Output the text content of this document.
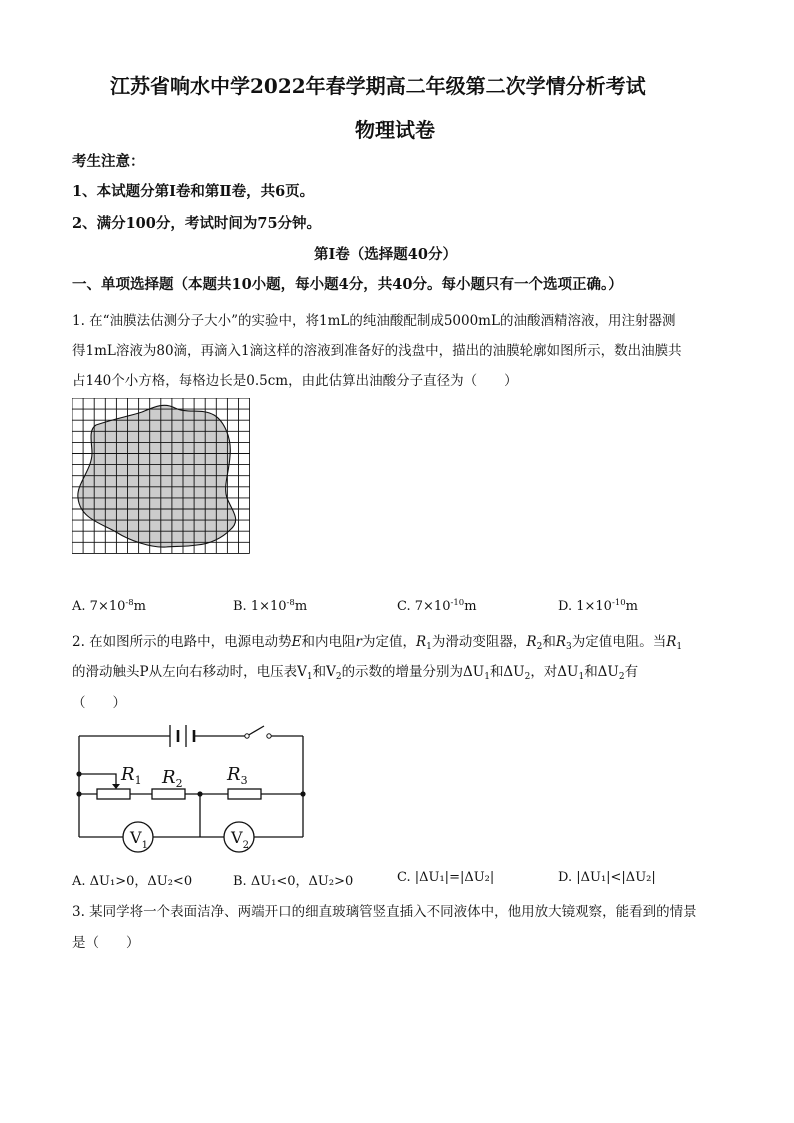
江苏省响水中学2022年春学期高二年级第二次学情分析考试
物理试卷
考生注意：
1、本试题分第Ⅰ卷和第Ⅱ卷，共6页。
2、满分100分，考试时间为75分钟。
第Ⅰ卷（选择题40分）
一、单项选择题（本题共10小题，每小题4分，共40分。每小题只有一个选项正确。）
1. 在“油膜法估测分子大小”的实验中，将1mL的纯油酸配制成5000mL的油酸酒精溶液，用注射器测
得1mL溶液为80滴，再滴入1滴这样的溶液到准备好的浅盘中，描出的油膜轮廓如图所示，数出油膜共
占140个小方格，每格边长是0.5cm，由此估算出油酸分子直径为（　　）
A. $7\times 10^{-8}m$	B. $1\times 10^{-8}m$	C. $7\times 10^{-10}m$	D. $1\times 10^{-10}m$
2. 在如图所示的电路中，电源电动势E和内电阻r为定值，$R_1$为滑动变阻器，$R_2$和$R_3$为定值电阻。当$R_1$
的滑动触头P从左向右移动时，电压表$V_1$和$V_2$的示数的增量分别为$\Delta U_1$和$\Delta U_2$，对$\Delta U_1$和$\Delta U_2$有
（　　）
$R_1$ $R_2$ $R_3$
$V_1$	$V_2$
A. ΔU₁>0，ΔU₂<0	B. ΔU₁<0，ΔU₂>0	C. |ΔU₁|=|ΔU₂|	D. |ΔU₁|<|ΔU₂|
3. 某同学将一个表面洁净、两端开口的细直玻璃管竖直插入不同液体中，他用放大镜观察，能看到的情景
是（　　）
